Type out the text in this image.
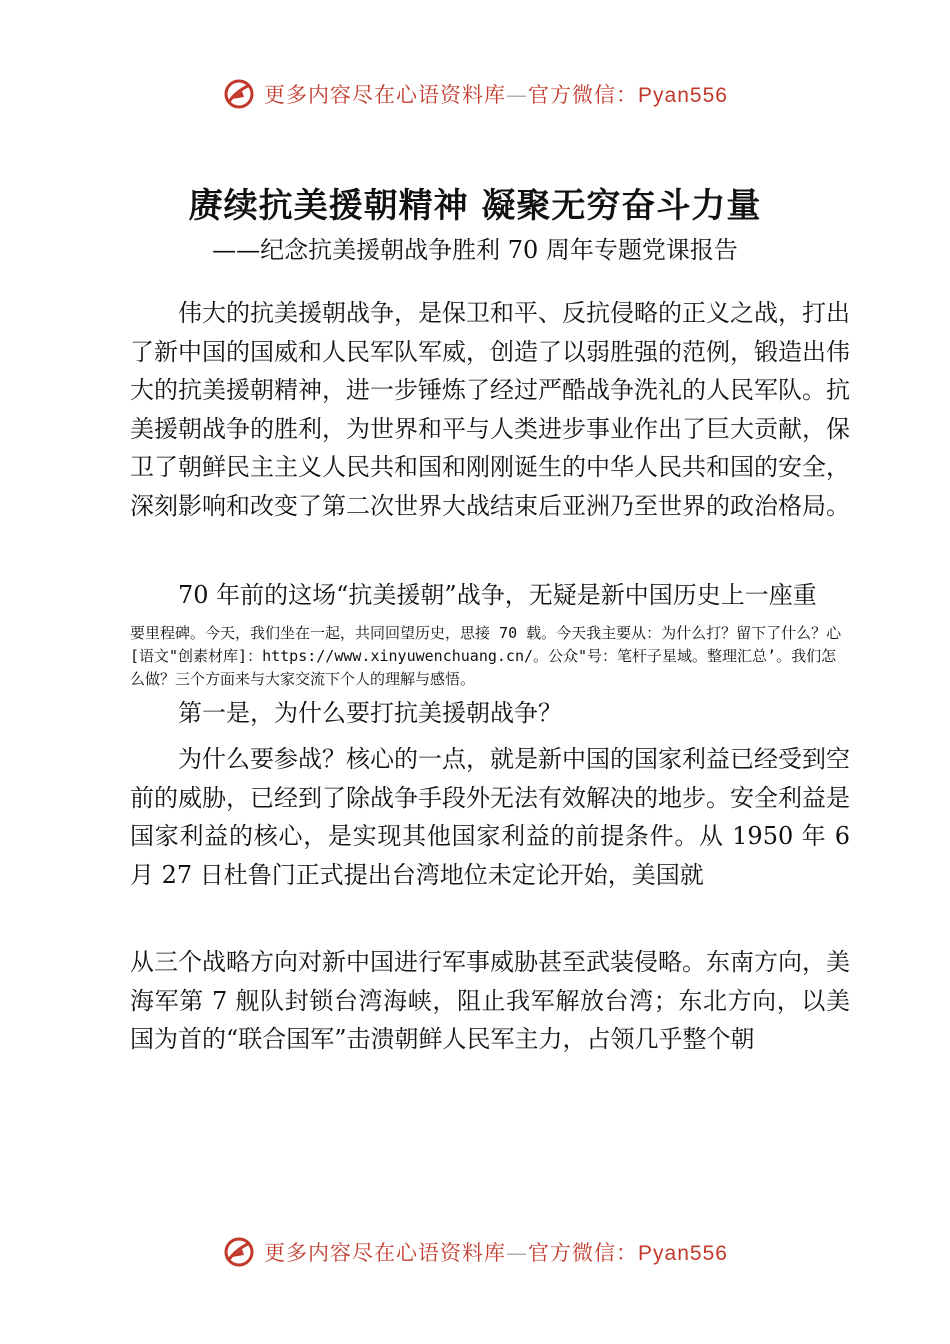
更多内容尽在心语资料库—官方微信：Pyan556
赓续抗美援朝精神 凝聚无穷奋斗力量
——纪念抗美援朝战争胜利 70 周年专题党课报告

伟大的抗美援朝战争，是保卫和平、反抗侵略的正义之战，打出了新中国的国威和人民军队军威，创造了以弱胜强的范例，锻造出伟大的抗美援朝精神，进一步锤炼了经过严酷战争洗礼的人民军队。抗美援朝战争的胜利，为世界和平与人类进步事业作出了巨大贡献，保卫了朝鲜民主主义人民共和国和刚刚诞生的中华人民共和国的安全，深刻影响和改变了第二次世界大战结束后亚洲乃至世界的政治格局。

70 年前的这场“抗美援朝”战争，无疑是新中国历史上一座重

要里程碑。今天，我们坐在一起，共同回望历史，思接 70 载。今天我主要从：为什么打？留下了什么？心[语文"创素材库]：https://www.xinyuwenchuang.cn/。公众"号：笔杆子星域。整理汇总’。我们怎么做？三个方面来与大家交流下个人的理解与感悟。

第一是，为什么要打抗美援朝战争？

为什么要参战？核心的一点，就是新中国的国家利益已经受到空前的威胁，已经到了除战争手段外无法有效解决的地步。安全利益是国家利益的核心，是实现其他国家利益的前提条件。从 1950 年 6 月 27 日杜鲁门正式提出台湾地位未定论开始，美国就

从三个战略方向对新中国进行军事威胁甚至武装侵略。东南方向，美海军第 7 舰队封锁台湾海峡，阻止我军解放台湾；东北方向，以美国为首的“联合国军”击溃朝鲜人民军主力，占领几乎整个朝

更多内容尽在心语资料库—官方微信：Pyan556
